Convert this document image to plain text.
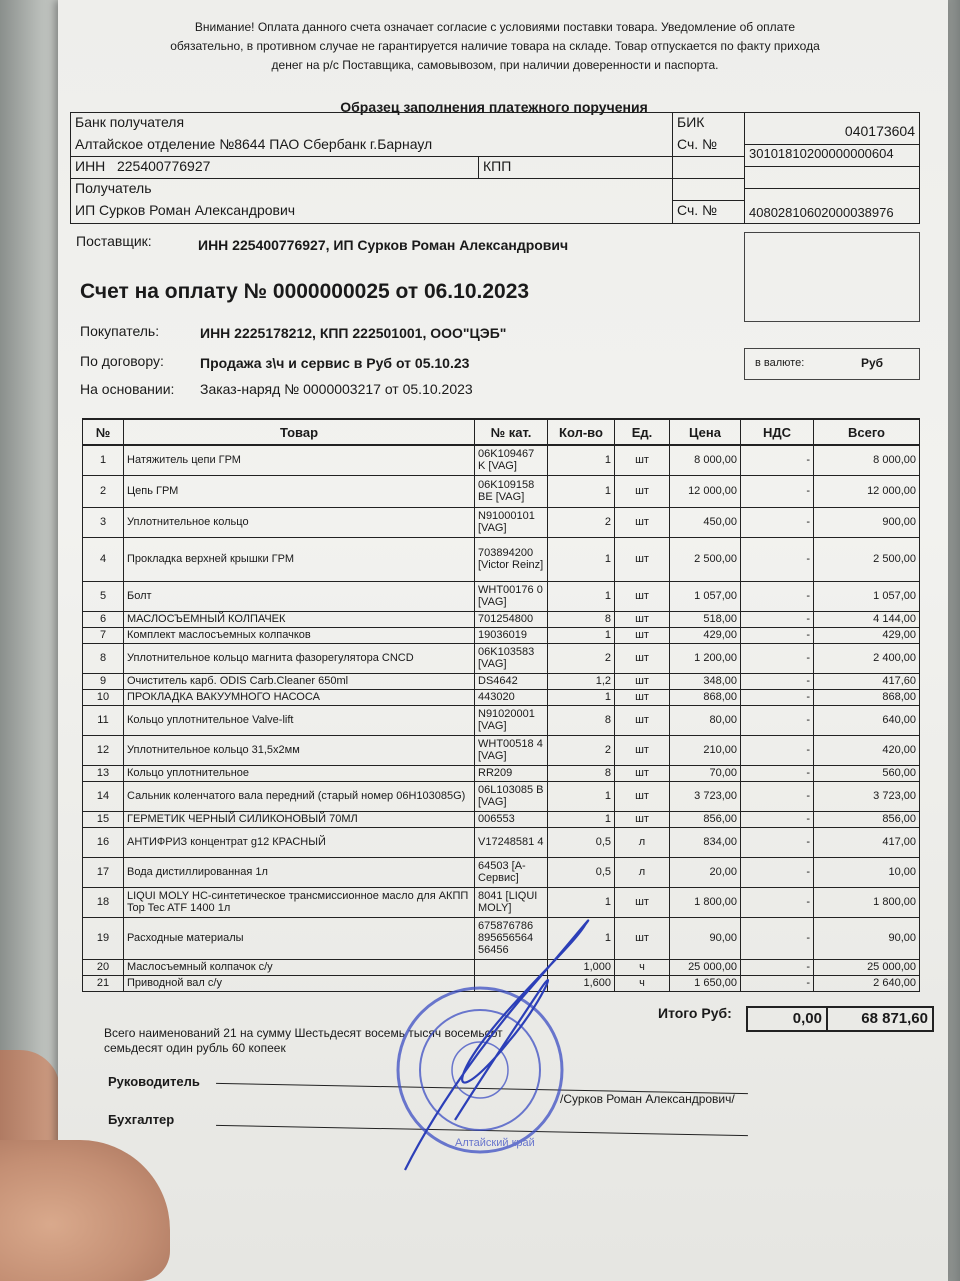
Внимание! Оплата данного счета означает согласие с условиями поставки товара. Уведомление об оплате обязательно, в противном случае не гарантируется наличие товара на складе. Товар отпускается по факту прихода денег на р/с Поставщика, самовывозом, при наличии доверенности и паспорта.
Образец заполнения платежного поручения
Банк получателя
Алтайское отделение №8644 ПАО Сбербанк г.Барнаул
БИК
040173604
Сч. №
30101810200000000604
ИНН 225400776927	КПП
Получатель
ИП Сурков Роман Александрович	Сч. №	40802810602000038976
Поставщик:	ИНН 225400776927, ИП Сурков Роман Александрович
Счет на оплату № 0000000025 от 06.10.2023
Покупатель:	ИНН 2225178212, КПП 222501001, ООО"ЦЭБ"
По договору:	Продажа з\ч и сервис в Руб от 05.10.23
На основании: Заказ-наряд № 0000003217 от 05.10.2023
в валюте:	Руб
№	Товар	№ кат.	Кол-во	Ед.	Цена	НДС	Всего
1	Натяжитель цепи ГРМ	06K109467 K [VAG]	1	шт	8 000,00	-	8 000,00
2	Цепь ГРМ	06K109158 BE [VAG]	1	шт	12 000,00	-	12 000,00
3	Уплотнительное кольцо	N91000101 [VAG]	2	шт	450,00	-	900,00
4	Прокладка верхней крышки ГРМ	703894200 [Victor Reinz]	1	шт	2 500,00	-	2 500,00
5	Болт	WHT00176 0 [VAG]	1	шт	1 057,00	-	1 057,00
6	МАСЛОСЪЕМНЫЙ КОЛПАЧЕК	701254800	8	шт	518,00	-	4 144,00
7	Комплект маслосъемных колпачков	19036019	1	шт	429,00	-	429,00
8	Уплотнительное кольцо магнита фазорегулятора CNCD	06K103583 [VAG]	2	шт	1 200,00	-	2 400,00
9	Очиститель карб. ODIS Carb.Cleaner 650ml	DS4642	1,2	шт	348,00	-	417,60
10	ПРОКЛАДКА ВАКУУМНОГО НАСОСА	443020	1	шт	868,00	-	868,00
11	Кольцо уплотнительное Valve-lift	N91020001 [VAG]	8	шт	80,00	-	640,00
12	Уплотнительное кольцо 31,5x2мм	WHT00518 4 [VAG]	2	шт	210,00	-	420,00
13	Кольцо уплотнительное	RR209	8	шт	70,00	-	560,00
14	Сальник коленчатого вала передний (старый номер 06H103085G)	06L103085 B [VAG]	1	шт	3 723,00	-	3 723,00
15	ГЕРМЕТИК ЧЕРНЫЙ СИЛИКОНОВЫЙ 70МЛ	006553	1	шт	856,00	-	856,00
16	АНТИФРИЗ концентрат g12 КРАСНЫЙ	V17248581 4	0,5	л	834,00	-	417,00
17	Вода дистиллированная 1л	64503 [А-Сервис]	0,5	л	20,00	-	10,00
18	LIQUI MOLY HC-синтетическое трансмиссионное масло для АКПП Top Tec ATF 1400 1л	8041 [LIQUI MOLY]	1	шт	1 800,00	-	1 800,00
19	Расходные материалы	675876786 895656564 56456	1	шт	90,00	-	90,00
20	Маслосъемный колпачок с/у		1,000	ч	25 000,00	-	25 000,00
21	Приводной вал с/у		1,600	ч	1 650,00	-	2 640,00
Итого Руб:	0,00	68 871,60
Всего наименований 21 на сумму Шестьдесят восемь тысяч восемьсот семьдесят один рубль 60 копеек
Руководитель
/Сурков Роман Александрович/
Бухгалтер
Алтайский край
